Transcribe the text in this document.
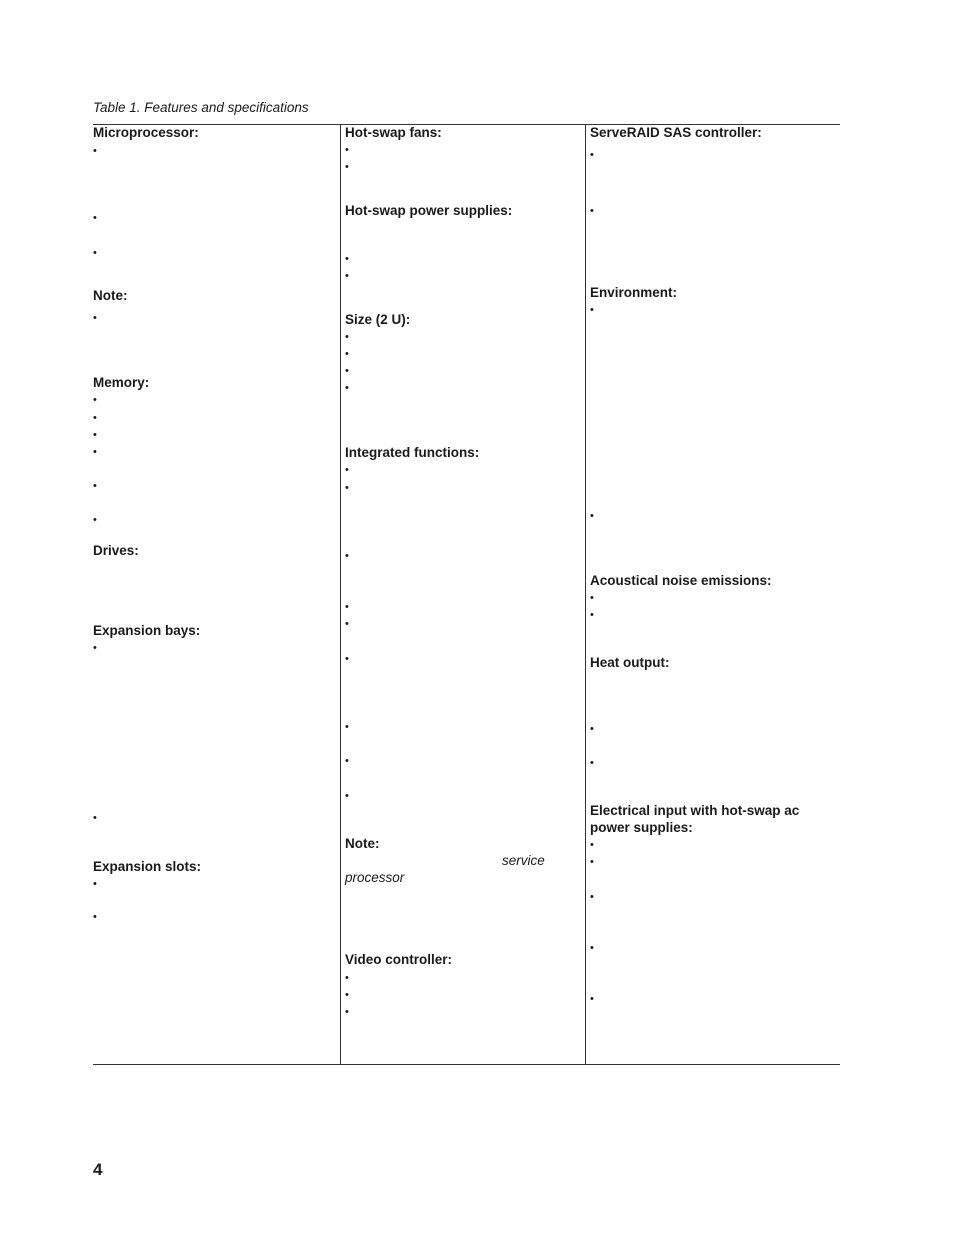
Table 1. Features and specifications
Microprocessor:
•
•
•
Note:
•
Memory:
•
•
•
•
•
•
Drives:
Expansion bays:
•
•
Expansion slots:
•
•
Hot-swap fans:
•
•
Hot-swap power supplies:
•
•
Size (2 U):
•
•
•
•
Integrated functions:
•
•
•
•
•
•
•
•
•
Note:
service
processor
Video controller:
•
•
•
ServeRAID SAS controller:
•
•
Environment:
•
•
Acoustical noise emissions:
•
•
Heat output:
•
•
Electrical input with hot-swap ac
power supplies:
•
•
•
•
•
4
